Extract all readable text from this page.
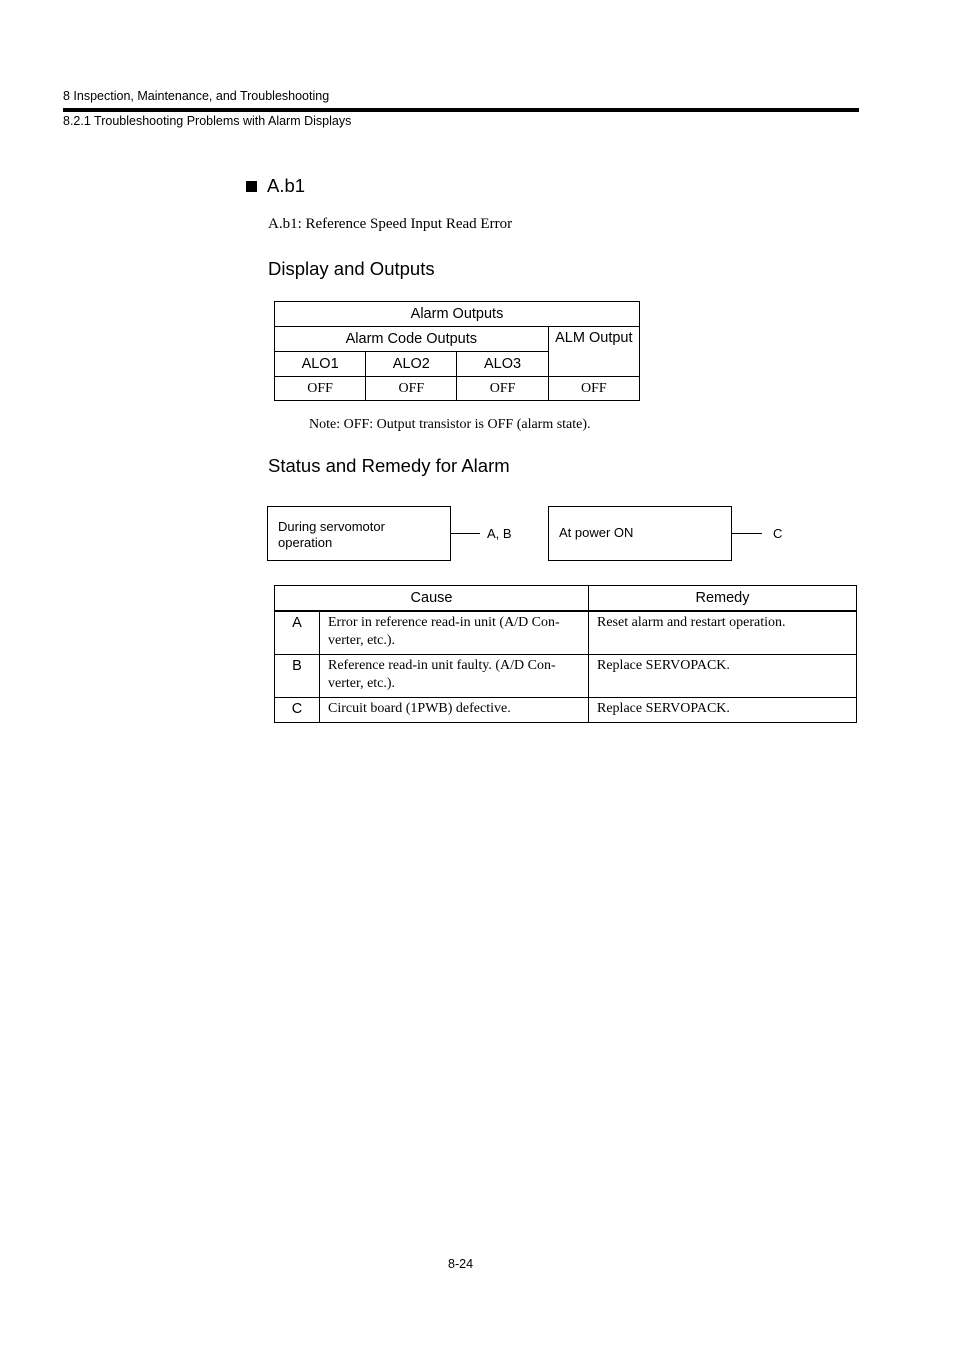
8 Inspection, Maintenance, and Troubleshooting
8.2.1 Troubleshooting Problems with Alarm Displays
A.b1
A.b1: Reference Speed Input Read Error
Display and Outputs
Alarm Outputs			
Alarm Code Outputs			ALM Output
ALO1	ALO2	ALO3	
OFF	OFF	OFF	OFF
Note: OFF: Output transistor is OFF (alarm state).
Status and Remedy for Alarm
During servomotor operation
A, B	At power ON	C
Cause		Remedy
A	Error in reference read-in unit (A/D Con-verter, etc.).	Reset alarm and restart operation.
B	Reference read-in unit faulty. (A/D Con-verter, etc.).	Replace SERVOPACK.
C	Circuit board (1PWB) defective.	Replace SERVOPACK.
8-24
